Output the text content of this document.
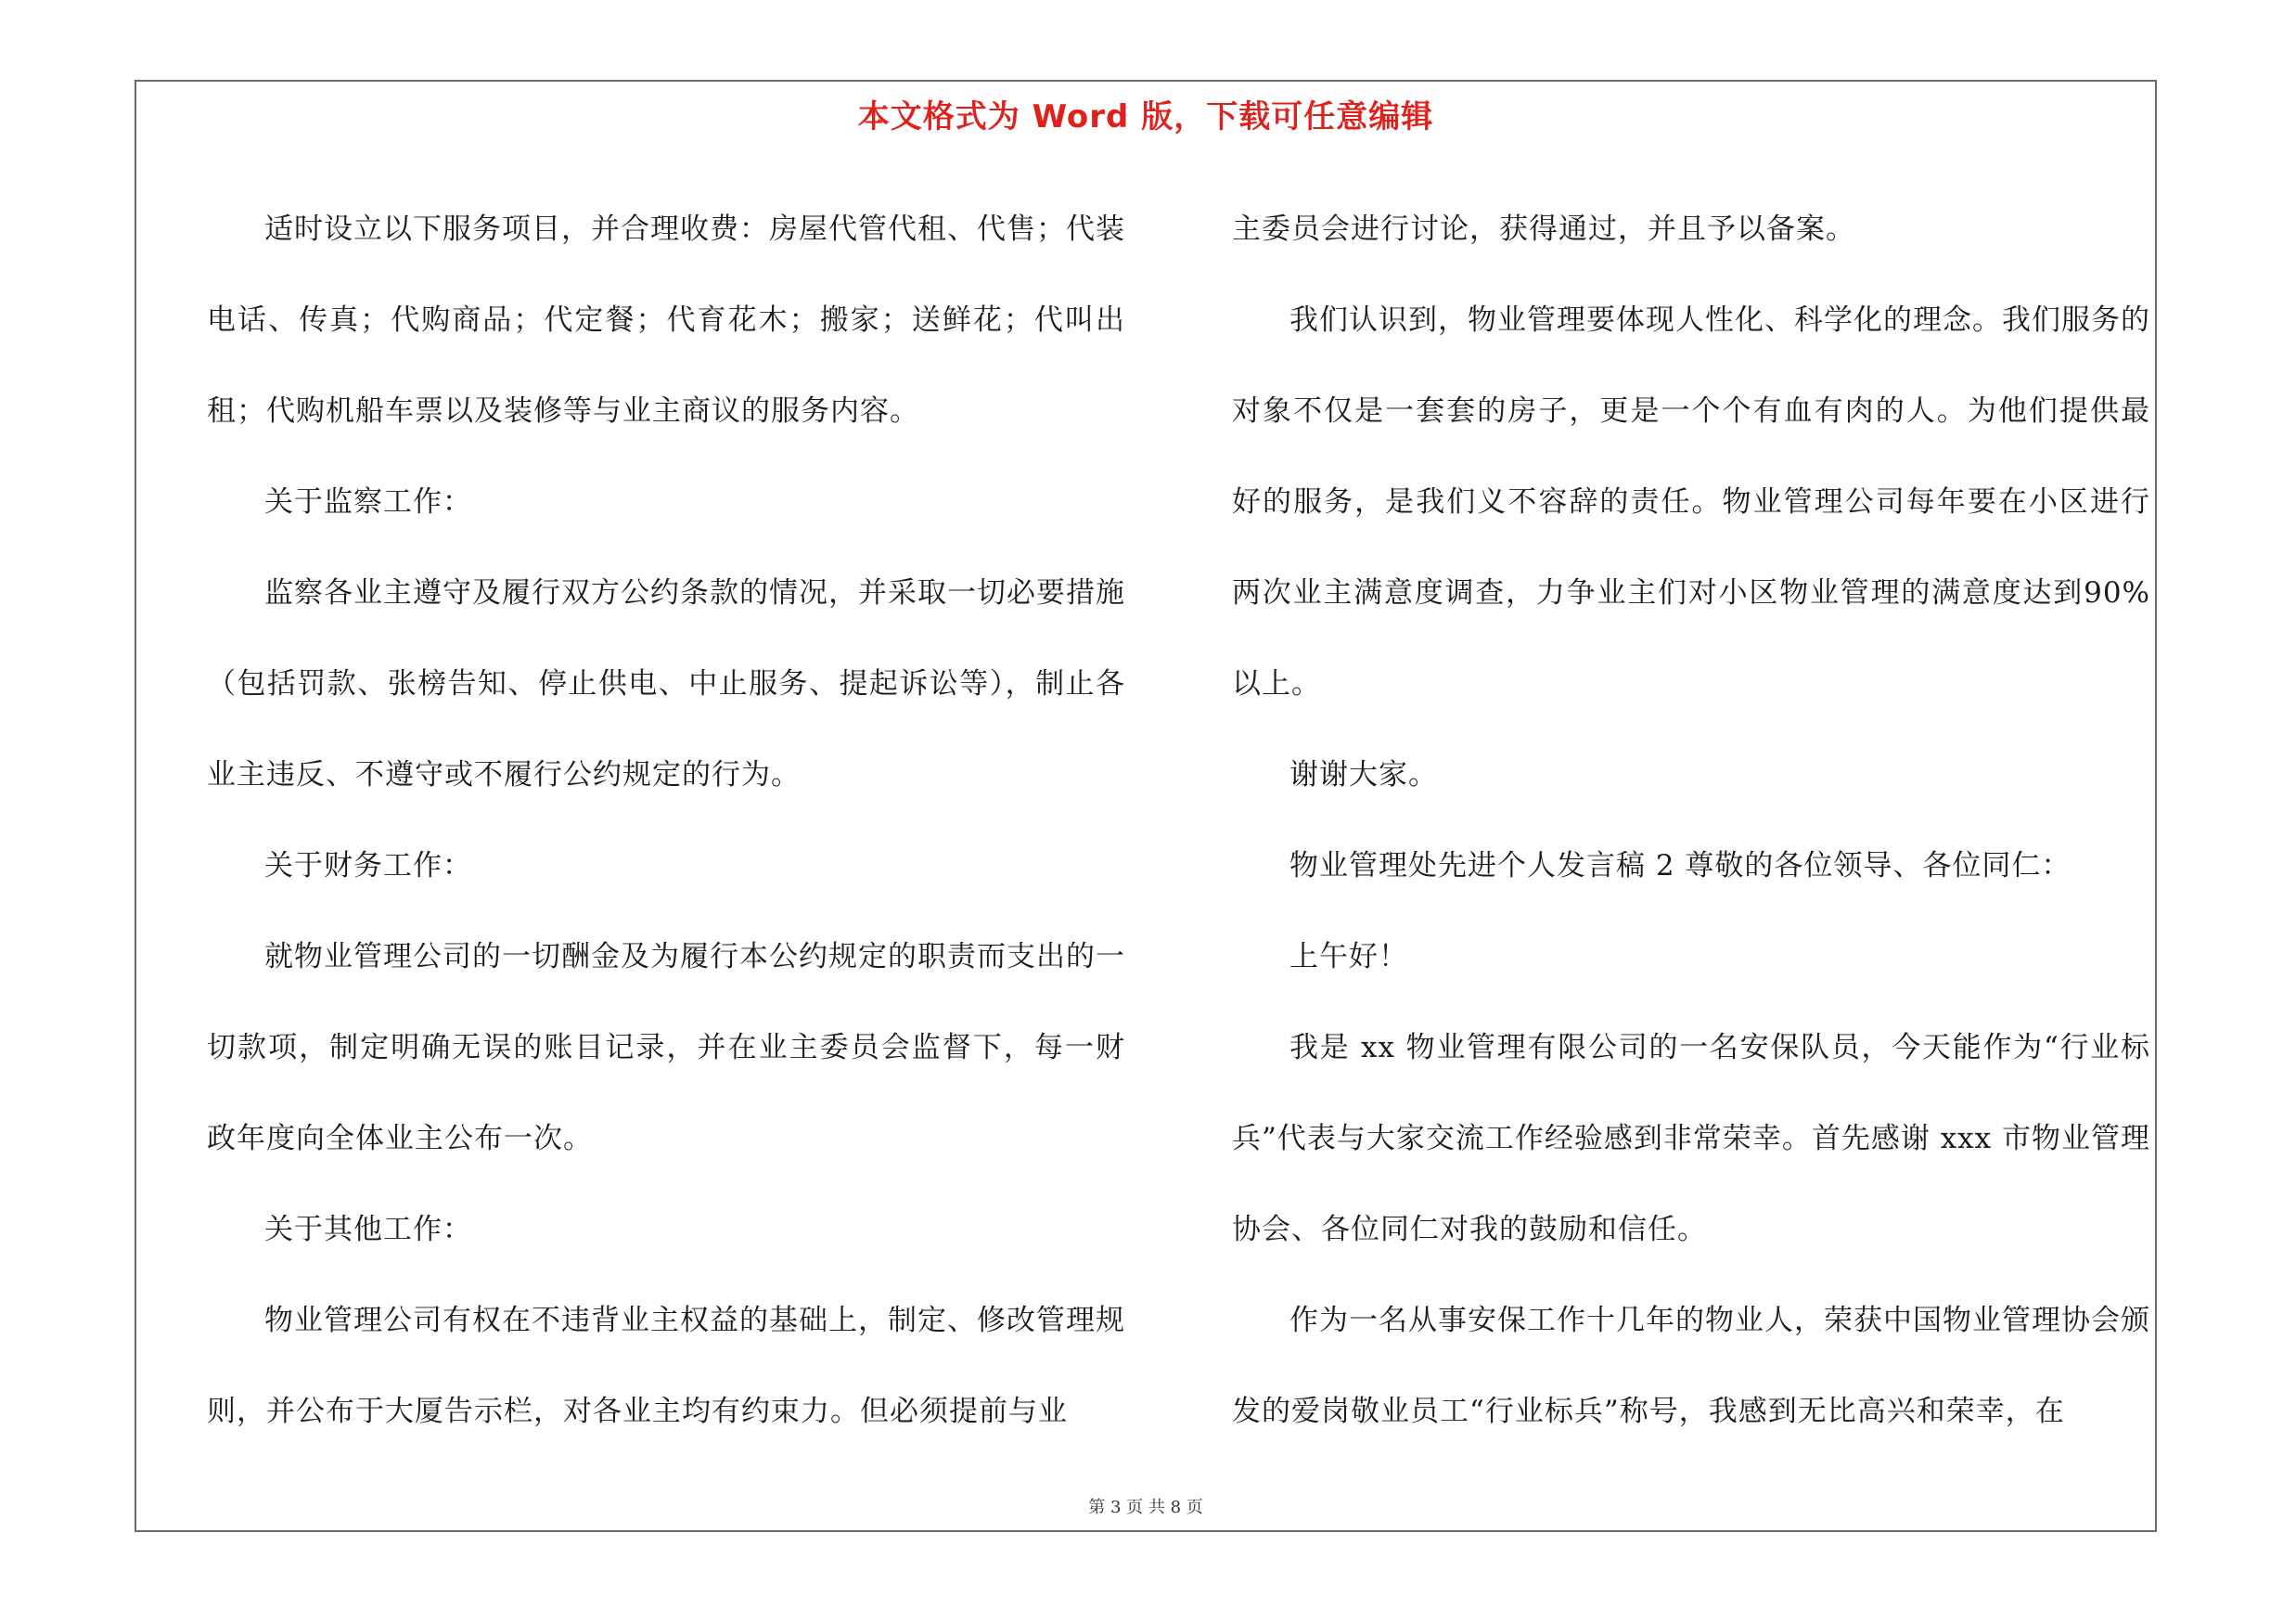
本文格式为 Word 版，下载可任意编辑

适时设立以下服务项目，并合理收费：房屋代管代租、代售；代装电话、传真；代购商品；代定餐；代育花木；搬家；送鲜花；代叫出租；代购机船车票以及装修等与业主商议的服务内容。

关于监察工作：

监察各业主遵守及履行双方公约条款的情况，并采取一切必要措施（包括罚款、张榜告知、停止供电、中止服务、提起诉讼等），制止各业主违反、不遵守或不履行公约规定的行为。

关于财务工作：

就物业管理公司的一切酬金及为履行本公约规定的职责而支出的一切款项，制定明确无误的账目记录，并在业主委员会监督下，每一财政年度向全体业主公布一次。

关于其他工作：

物业管理公司有权在不违背业主权益的基础上，制定、修改管理规则，并公布于大厦告示栏，对各业主均有约束力。但必须提前与业

主委员会进行讨论，获得通过，并且予以备案。

我们认识到，物业管理要体现人性化、科学化的理念。我们服务的对象不仅是一套套的房子，更是一个个有血有肉的人。为他们提供最好的服务，是我们义不容辞的责任。物业管理公司每年要在小区进行两次业主满意度调查，力争业主们对小区物业管理的满意度达到90%以上。

谢谢大家。

物业管理处先进个人发言稿 2 尊敬的各位领导、各位同仁：

上午好！

我是 xx 物业管理有限公司的一名安保队员，今天能作为“行业标兵”代表与大家交流工作经验感到非常荣幸。首先感谢 xxx 市物业管理协会、各位同仁对我的鼓励和信任。

作为一名从事安保工作十几年的物业人，荣获中国物业管理协会颁发的爱岗敬业员工“行业标兵”称号，我感到无比高兴和荣幸，在

第 3 页 共 8 页
